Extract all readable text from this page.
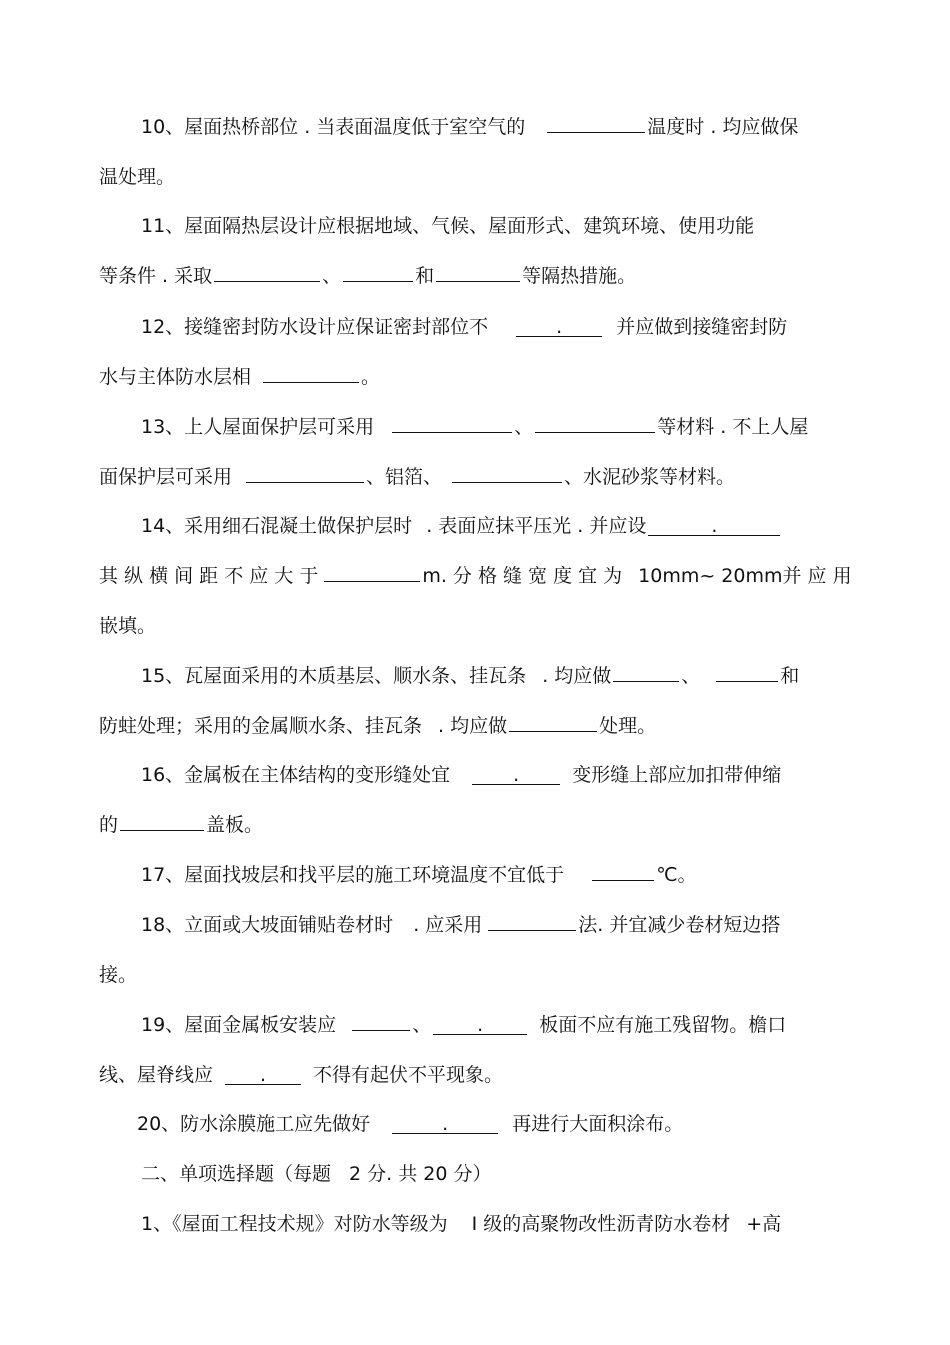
10、屋面热桥部位 . 当表面温度低于室空气的	温度时 . 均应做保
温处理。
11、屋面隔热层设计应根据地域、气候、屋面形式、建筑环境、使用功能
等条件 . 采取	、	和	等隔热措施。
12、接缝密封防水设计应保证密封部位不	.	并应做到接缝密封防
水与主体防水层相	。
13、上人屋面保护层可采用	、	等材料 . 不上人屋
面保护层可采用	、铝箔、	、水泥砂浆等材料。
14、采用细石混凝土做保护层时 . 表面应抹平压光 . 并应设	.
其 纵 横 间 距 不 应 大 于	m. 分 格 缝 宽 度 宜 为 10mm~ 20mm并 应 用
嵌填。
15、瓦屋面采用的木质基层、顺水条、挂瓦条 . 均应做	、	和
防蛀处理；采用的金属顺水条、挂瓦条 . 均应做	处理。
16、金属板在主体结构的变形缝处宜	.	变形缝上部应加扣带伸缩
的	盖板。
17、屋面找坡层和找平层的施工环境温度不宜低于	℃。
18、立面或大坡面铺贴卷材时 . 应采用	法. 并宜减少卷材短边搭
接。
19、屋面金属板安装应	、 .	板面不应有施工残留物。檐口
线、屋脊线应 . 不得有起伏不平现象。
20、防水涂膜施工应先做好	.	再进行大面积涂布。
二、单项选择题（每题 2 分. 共 20 分）
1、《屋面工程技术规》对防水等级为 Ⅰ 级的高聚物改性沥青防水卷材 +高
